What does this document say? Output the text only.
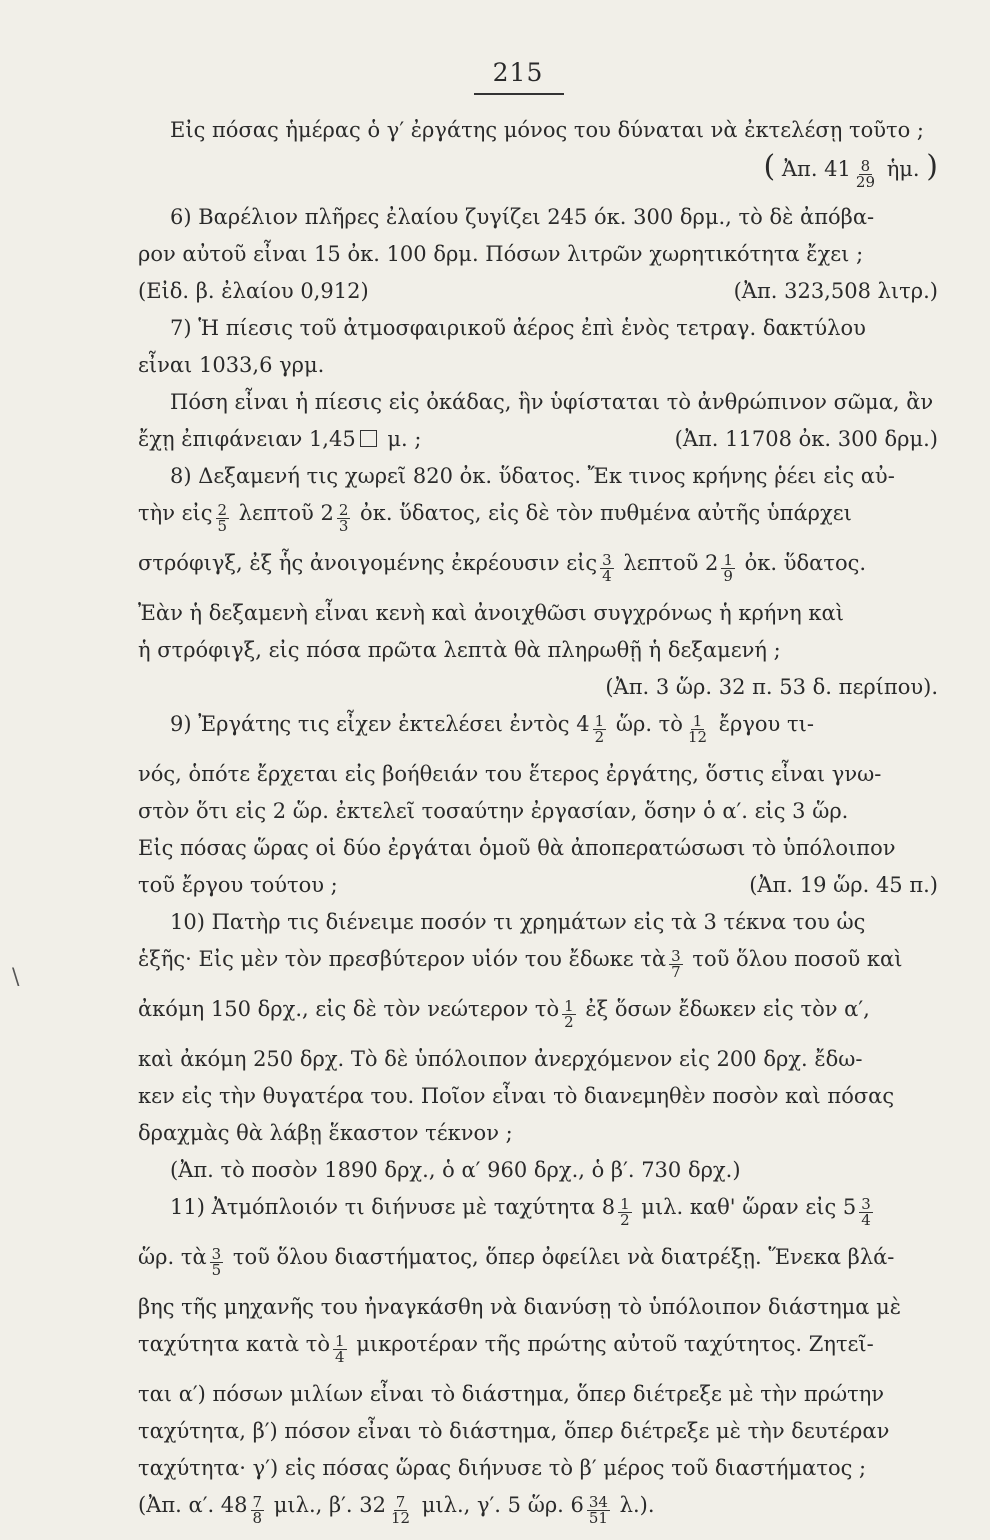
215
\
Εἰς πόσας ἡμέρας ὁ γ′ ἐργάτης μόνος του δύναται νὰ ἐκτελέσῃ τοῦτο ;
( Ἀπ. $41 \frac{8}{29}$ ἡμ. )
6) Βαρέλιον πλῆρες ἐλαίου ζυγίζει 245 όκ. 300 δρμ., τὸ δὲ ἀπόβα-
ρον αὐτοῦ εἶναι 15 ὀκ. 100 δρμ. Πόσων λιτρῶν χωρητικότητα ἔχει ;
(Εἰδ. β. ἐλαίου 0,912)	(Ἀπ. 323,508 λιτρ.)
7) Ἡ πίεσις τοῦ ἀτμοσφαιρικοῦ ἀέρος ἐπὶ ἑνὸς τετραγ. δακτύλου
εἶναι 1033,6 γρμ.
Πόση εἶναι ἡ πίεσις εἰς ὀκάδας, ἣν ὑφίσταται τὸ ἀνθρώπινον σῶμα, ἂν
ἔχῃ ἐπιφάνειαν 1,45 μ. ;	(Ἀπ. 11708 ὀκ. 300 δρμ.)
8) Δεξαμενή τις χωρεῖ 820 ὀκ. ὕδατος. Ἔκ τινος κρήνης ῥέει εἰς αὐ-
τὴν εἰς $\frac{2}{5}$ λεπτοῦ $2 \frac{2}{3}$ ὀκ. ὕδατος, εἰς δὲ τὸν πυθμένα αὐτῆς ὑπάρχει
στρόφιγξ, ἐξ ἧς ἀνοιγομένης ἐκρέουσιν εἰς $\frac{3}{4}$ λεπτοῦ $2 \frac{1}{9}$ ὀκ. ὕδατος.
Ἐὰν ἡ δεξαμενὴ εἶναι κενὴ καὶ ἀνοιχθῶσι συγχρόνως ἡ κρήνη καὶ
ἡ στρόφιγξ, εἰς πόσα πρῶτα λεπτὰ θὰ πληρωθῇ ἡ δεξαμενή ;
(Ἀπ. 3 ὥρ. 32 π. 53 δ. περίπου).
9) Ἐργάτης τις εἶχεν ἐκτελέσει ἐντὸς $4 \frac{1}{2}$ ὥρ. τὸ $\frac{1}{12}$ ἔργου τι-
νός, ὁπότε ἔρχεται εἰς βοήθειάν του ἕτερος ἐργάτης, ὅστις εἶναι γνω-
στὸν ὅτι εἰς 2 ὥρ. ἐκτελεῖ τοσαύτην ἐργασίαν, ὅσην ὁ α′. εἰς 3 ὥρ.
Εἰς πόσας ὥρας οἱ δύο ἐργάται ὁμοῦ θὰ ἀποπερατώσωσι τὸ ὑπόλοιπον
τοῦ ἔργου τούτου ;	(Ἀπ. 19 ὥρ. 45 π.)
10) Πατὴρ τις διένειμε ποσόν τι χρημάτων εἰς τὰ 3 τέκνα του ὡς
ἑξῆς· Εἰς μὲν τὸν πρεσβύτερον υἱόν του ἔδωκε τὰ $\frac{3}{7}$ τοῦ ὅλου ποσοῦ καὶ
ἀκόμη 150 δρχ., εἰς δὲ τὸν νεώτερον τὸ $\frac{1}{2}$ ἐξ ὅσων ἔδωκεν εἰς τὸν α′,
καὶ ἀκόμη 250 δρχ. Τὸ δὲ ὑπόλοιπον ἀνερχόμενον εἰς 200 δρχ. ἔδω-
κεν εἰς τὴν θυγατέρα του. Ποῖον εἶναι τὸ διανεμηθὲν ποσὸν καὶ πόσας
δραχμὰς θὰ λάβῃ ἕκαστον τέκνον ;
(Ἀπ. τὸ ποσὸν 1890 δρχ., ὁ α′ 960 δρχ., ὁ β′. 730 δρχ.)
11) Ἀτμόπλοιόν τι διήνυσε μὲ ταχύτητα $8 \frac{1}{2} \mu\iota\lambda$. καθ' ὥραν εἰς $5 \frac{3}{4}$
ὥρ. τὰ $\frac{3}{5}$ τοῦ ὅλου διαστήματος, ὅπερ ὀφείλει νὰ διατρέξῃ. Ἕνεκα βλά-
βης τῆς μηχανῆς του ἠναγκάσθη νὰ διανύσῃ τὸ ὑπόλοιπον διάστημα μὲ
ταχύτητα κατὰ τὸ $\frac{1}{4}$ μικροτέραν τῆς πρώτης αὐτοῦ ταχύτητος. Ζητεῖ-
ται α′) πόσων μιλίων εἶναι τὸ διάστημα, ὅπερ διέτρεξε μὲ τὴν πρώτην
ταχύτητα, β′) πόσον εἶναι τὸ διάστημα, ὅπερ διέτρεξε μὲ τὴν δευτέραν
ταχύτητα· γ′) εἰς πόσας ὥρας διήνυσε τὸ β′ μέρος τοῦ διαστήματος ;
(Ἀπ. α′. $48 \frac{7}{8} \mu\iota\lambda$., β′. $32 \frac{7}{12} \mu\iota\lambda$., γ′. 5 ὥρ. $6 \frac{34}{51} \lambda$.).
